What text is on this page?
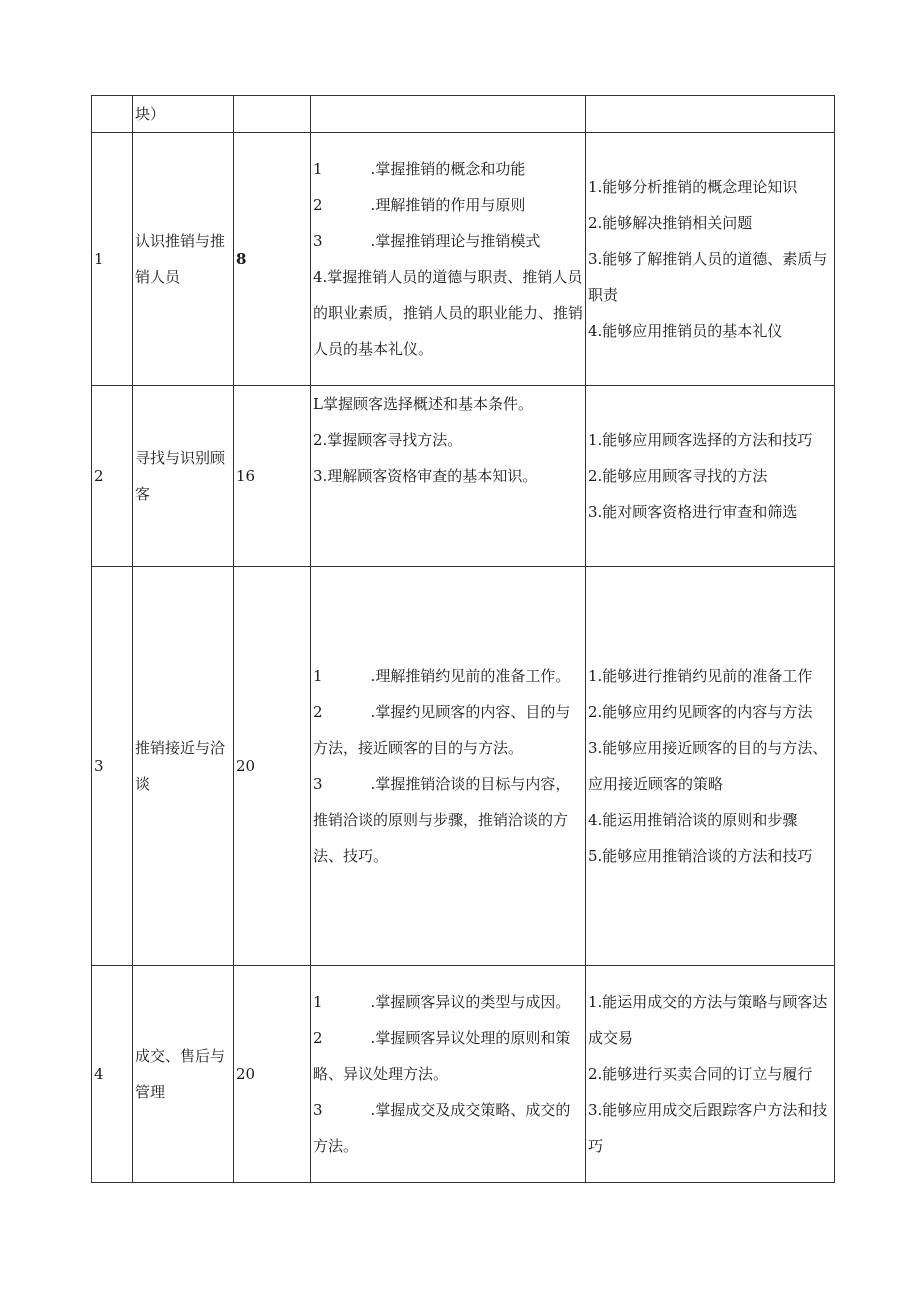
	块）			

1	认识推销与推销人员	8	1 .掌握推销的概念和功能
2 .理解推销的作用与原则
3 .掌握推销理论与推销模式
4.掌握推销人员的道德与职责、推销人员的职业素质，推销人员的职业能力、推销人员的基本礼仪。	1.能够分析推销的概念理论知识
2.能够解决推销相关问题
3.能够了解推销人员的道德、素质与职责
4.能够应用推销员的基本礼仪

2	寻找与识别顾客	16	L掌握顾客选择概述和基本条件。
2.掌握顾客寻找方法。
3.理解顾客资格审查的基本知识。	1.能够应用顾客选择的方法和技巧
2.能够应用顾客寻找的方法
3.能对顾客资格进行审查和筛选

3	推销接近与洽谈	20	1 .理解推销约见前的准备工作。
2 .掌握约见顾客的内容、目的与方法，接近顾客的目的与方法。
3 .掌握推销洽谈的目标与内容，推销洽谈的原则与步骤，推销洽谈的方法、技巧。	1.能够进行推销约见前的准备工作
2.能够应用约见顾客的内容与方法
3.能够应用接近顾客的目的与方法、应用接近顾客的策略
4.能运用推销洽谈的原则和步骤
5.能够应用推销洽谈的方法和技巧

4	成交、售后与管理	20	1 .掌握顾客异议的类型与成因。
2 .掌握顾客异议处理的原则和策略、异议处理方法。
3 .掌握成交及成交策略、成交的方法。	1.能运用成交的方法与策略与顾客达成交易
2.能够进行买卖合同的订立与履行
3.能够应用成交后跟踪客户方法和技巧
